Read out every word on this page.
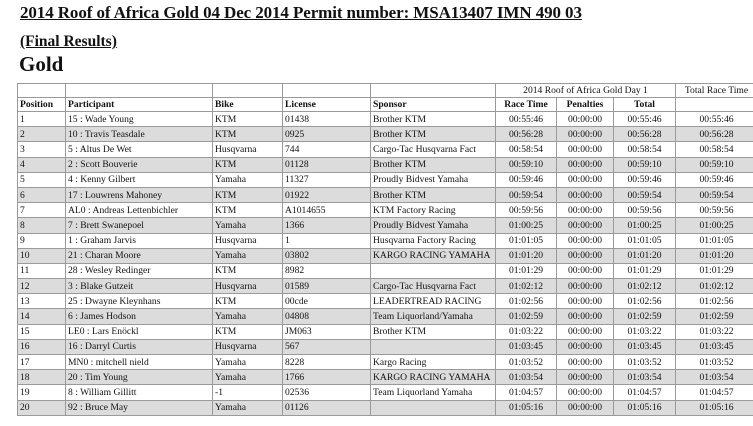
2014 Roof of Africa Gold 04 Dec 2014 Permit number: MSA13407 IMN 490 03
(Final Results)
Gold
					2014 Roof of Africa Gold Day 1			Total Race Time
Position	Participant	Bike	License	Sponsor	Race Time	Penalties	Total	
1	15 : Wade Young	KTM	01438	Brother KTM	00:55:46	00:00:00	00:55:46	00:55:46
2	10 : Travis Teasdale	KTM	0925	Brother KTM	00:56:28	00:00:00	00:56:28	00:56:28
3	5 : Altus De Wet	Husqvarna	744	Cargo-Tac Husqvarna Fact	00:58:54	00:00:00	00:58:54	00:58:54
4	2 : Scott Bouverie	KTM	01128	Brother KTM	00:59:10	00:00:00	00:59:10	00:59:10
5	4 : Kenny Gilbert	Yamaha	11327	Proudly Bidvest Yamaha	00:59:46	00:00:00	00:59:46	00:59:46
6	17 : Louwrens Mahoney	KTM	01922	Brother KTM	00:59:54	00:00:00	00:59:54	00:59:54
7	AL0 : Andreas Lettenbichler	KTM	A1014655	KTM Factory Racing	00:59:56	00:00:00	00:59:56	00:59:56
8	7 : Brett Swanepoel	Yamaha	1366	Proudly Bidvest Yamaha	01:00:25	00:00:00	01:00:25	01:00:25
9	1 : Graham Jarvis	Husqvarna	1	Husqvarna Factory Racing	01:01:05	00:00:00	01:01:05	01:01:05
10	21 : Charan Moore	Yamaha	03802	KARGO RACING YAMAHA	01:01:20	00:00:00	01:01:20	01:01:20
11	28 : Wesley Redinger	KTM	8982		01:01:29	00:00:00	01:01:29	01:01:29
12	3 : Blake Gutzeit	Husqvarna	01589	Cargo-Tac Husqvarna Fact	01:02:12	00:00:00	01:02:12	01:02:12
13	25 : Dwayne Kleynhans	KTM	00cde	LEADERTREAD RACING	01:02:56	00:00:00	01:02:56	01:02:56
14	6 : James Hodson	Yamaha	04808	Team Liquorland/Yamaha	01:02:59	00:00:00	01:02:59	01:02:59
15	LE0 : Lars Enöckl	KTM	JM063	Brother KTM	01:03:22	00:00:00	01:03:22	01:03:22
16	16 : Darryl Curtis	Husqvarna	567		01:03:45	00:00:00	01:03:45	01:03:45
17	MN0 : mitchell nield	Yamaha	8228	Kargo Racing	01:03:52	00:00:00	01:03:52	01:03:52
18	20 : Tim Young	Yamaha	1766	KARGO RACING YAMAHA	01:03:54	00:00:00	01:03:54	01:03:54
19	8 : William Gillitt	-1	02536	Team Liquorland Yamaha	01:04:57	00:00:00	01:04:57	01:04:57
20	92 : Bruce May	Yamaha	01126		01:05:16	00:00:00	01:05:16	01:05:16
